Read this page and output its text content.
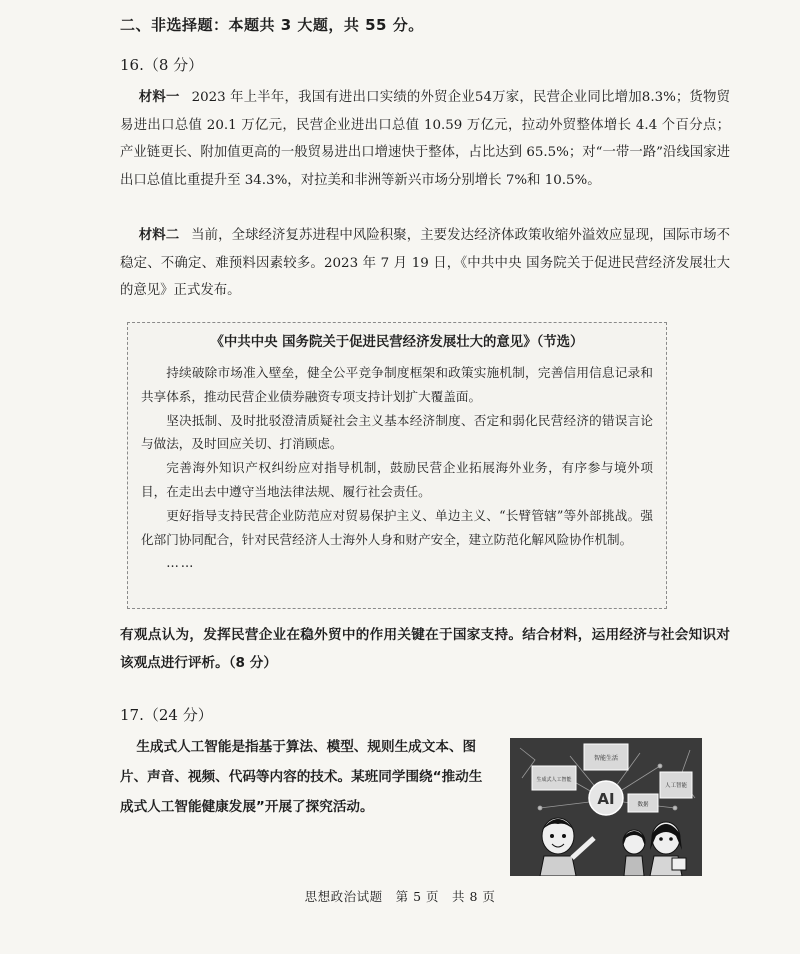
二、非选择题：本题共 3 大题，共 55 分。
16.（8 分）
材料一 2023 年上半年，我国有进出口实绩的外贸企业54万家，民营企业同比增加8.3%；货物贸易进出口总值 20.1 万亿元，民营企业进出口总值 10.59 万亿元，拉动外贸整体增长 4.4 个百分点；产业链更长、附加值更高的一般贸易进出口增速快于整体，占比达到 65.5%；对“一带一路”沿线国家进出口总值比重提升至 34.3%，对拉美和非洲等新兴市场分别增长 7%和 10.5%。
材料二 当前，全球经济复苏进程中风险积聚，主要发达经济体政策收缩外溢效应显现，国际市场不稳定、不确定、难预料因素较多。2023 年 7 月 19 日，《中共中央 国务院关于促进民营经济发展壮大的意见》正式发布。
《中共中央 国务院关于促进民营经济发展壮大的意见》（节选）

持续破除市场准入壁垒，健全公平竞争制度框架和政策实施机制，完善信用信息记录和共享体系，推动民营企业债券融资专项支持计划扩大覆盖面。

坚决抵制、及时批驳澄清质疑社会主义基本经济制度、否定和弱化民营经济的错误言论与做法，及时回应关切、打消顾虑。

完善海外知识产权纠纷应对指导机制，鼓励民营企业拓展海外业务，有序参与境外项目，在走出去中遵守当地法律法规、履行社会责任。

更好指导支持民营企业防范应对贸易保护主义、单边主义、“长臂管辖”等外部挑战。强化部门协同配合，针对民营经济人士海外人身和财产安全，建立防范化解风险协作机制。

……
有观点认为，发挥民营企业在稳外贸中的作用关键在于国家支持。结合材料，运用经济与社会知识对该观点进行评析。（8 分）
17.（24 分）
生成式人工智能是指基于算法、模型、规则生成文本、图片、声音、视频、代码等内容的技术。某班同学围绕“推动生成式人工智能健康发展”开展了探究活动。
智能生活
生成式人工智能
人工智能
数据
AI
思想政治试题　第 5 页　共 8 页
